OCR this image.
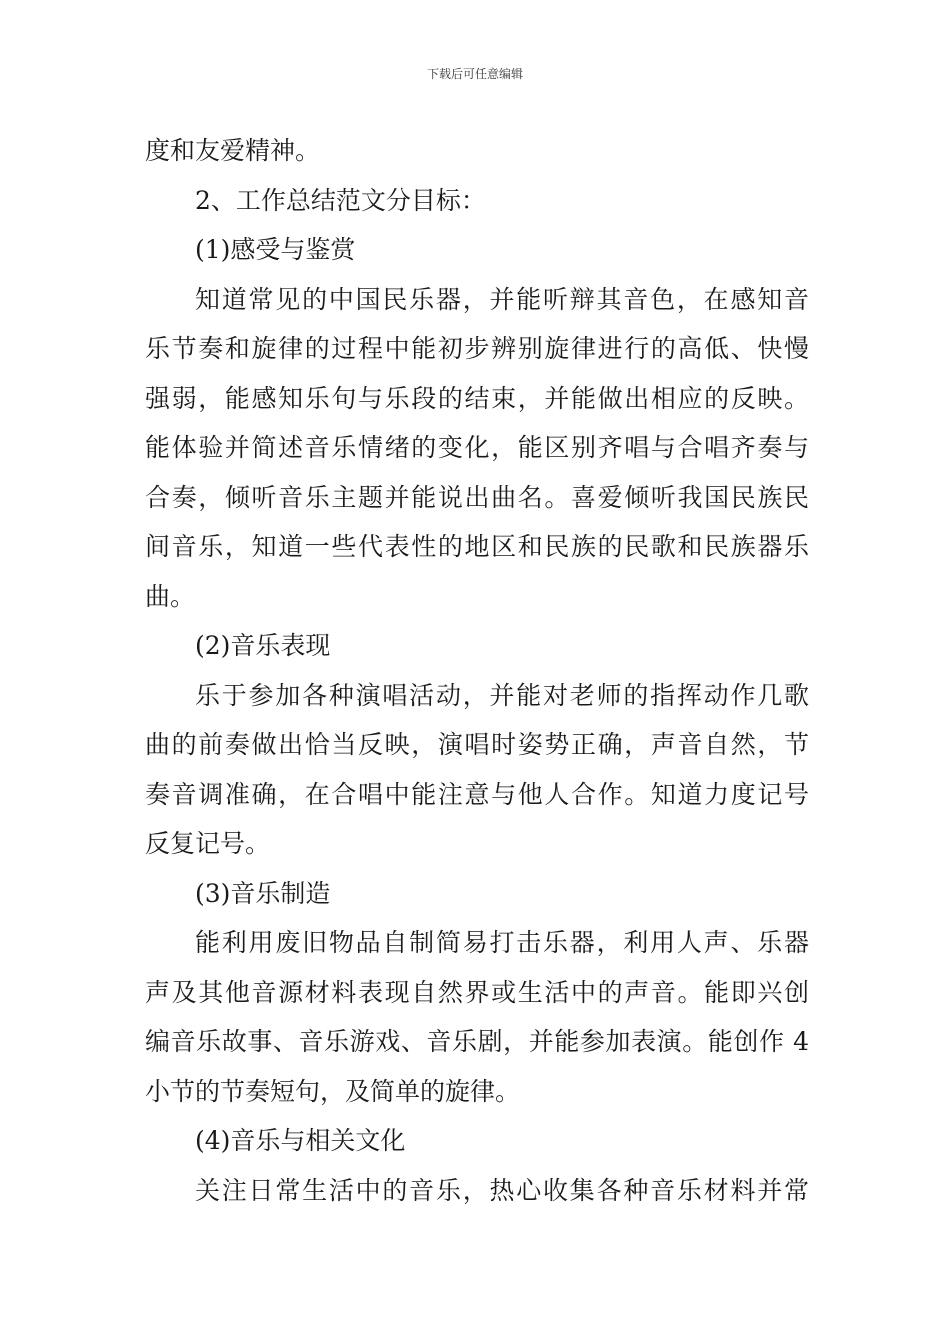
下载后可任意编辑
度和友爱精神。
2、工作总结范文分目标：
(1)感受与鉴赏
知道常见的中国民乐器，并能听辩其音色，在感知音
乐节奏和旋律的过程中能初步辨别旋律进行的高低、快慢
强弱，能感知乐句与乐段的结束，并能做出相应的反映。
能体验并简述音乐情绪的变化，能区别齐唱与合唱齐奏与
合奏，倾听音乐主题并能说出曲名。喜爱倾听我国民族民
间音乐，知道一些代表性的地区和民族的民歌和民族器乐
曲。
(2)音乐表现
乐于参加各种演唱活动，并能对老师的指挥动作几歌
曲的前奏做出恰当反映，演唱时姿势正确，声音自然，节
奏音调准确，在合唱中能注意与他人合作。知道力度记号
反复记号。
(3)音乐制造
能利用废旧物品自制简易打击乐器，利用人声、乐器
声及其他音源材料表现自然界或生活中的声音。能即兴创
编音乐故事、音乐游戏、音乐剧，并能参加表演。能创作 4
小节的节奏短句，及简单的旋律。
(4)音乐与相关文化
关注日常生活中的音乐，热心收集各种音乐材料并常
